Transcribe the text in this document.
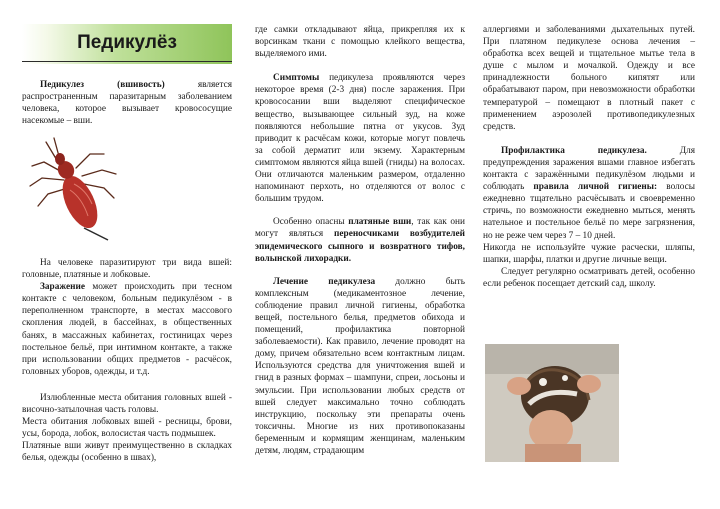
Педикулёз

Педикулез (вшивость) является распространенным паразитарным заболеванием человека, которое вызывает кровососущие насекомые – вши.

На человеке паразитируют три вида вшей: головные, платяные и лобковые.

Заражение может происходить при тесном контакте с человеком, больным педикулёзом - в переполненном транспорте, в местах массового скопления людей, в бассейнах, в общественных банях, в массажных кабинетах, гостиницах через постельное бельё, при интимном контакте, а также при использовании общих предметов - расчёсок, головных уборов, одежды, и т.д.

Излюбленные места обитания головных вшей - височно-затылочная часть головы.

Места обитания лобковых вшей - ресницы, брови, усы, борода, лобок, волосистая часть подмышек.

Платяные вши живут преимущественно в складках белья, одежды (особенно в швах),

где самки откладывают яйца, прикрепляя их к ворсинкам ткани с помощью клейкого вещества, выделяемого ими.

Симптомы педикулеза проявляются через некоторое время (2-3 дня) после заражения. При кровососании вши выделяют специфическое вещество, вызывающее сильный зуд, на коже появляются небольшие пятна от укусов. Зуд приводит к расчёсам кожи, которые могут повлечь за собой дерматит или экзему. Характерным симптомом являются яйца вшей (гниды) на волосах. Они отличаются маленьким размером, отдаленно напоминают перхоть, но отделяются от волос с большим трудом.

Особенно опасны платяные вши, так как они могут являться переносчиками возбудителей эпидемического сыпного и возвратного тифов, волынской лихорадки.

Лечение педикулеза должно быть комплексным (медикаментозное лечение, соблюдение правил личной гигиены, обработка вещей, постельного белья, предметов обихода и помещений, профилактика повторной заболеваемости). Как правило, лечение проводят на дому, причем обязательно всем контактным лицам. Используются средства для уничтожения вшей и гнид в разных формах – шампуни, спреи, лосьоны и эмульсии. При использовании любых средств от вшей следует максимально точно соблюдать инструкцию, поскольку эти препараты очень токсичны. Многие из них противопоказаны беременным и кормящим женщинам, маленьким детям, людям, страдающим

аллергиями и заболеваниями дыхательных путей. При платяном педикулезе основа лечения – обработка всех вещей и тщательное мытье тела в душе с мылом и мочалкой. Одежду и все принадлежности больного кипятят или обрабатывают паром, при невозможности обработки температурой – помещают в плотный пакет с применением аэрозолей противопедикулезных средств.

Профилактика педикулеза. Для предупреждения заражения вшами главное избегать контакта с заражёнными педикулёзом людьми и соблюдать правила личной гигиены: волосы ежедневно тщательно расчёсывать и своевременно стричь, по возможности ежедневно мыться, менять нательное и постельное бельё по мере загрязнения, но не реже чем через 7 – 10 дней.

Никогда не используйте чужие расчески, шляпы, шапки, шарфы, платки и другие личные вещи.

Следует регулярно осматривать детей, особенно если ребенок посещает детский сад, школу.
